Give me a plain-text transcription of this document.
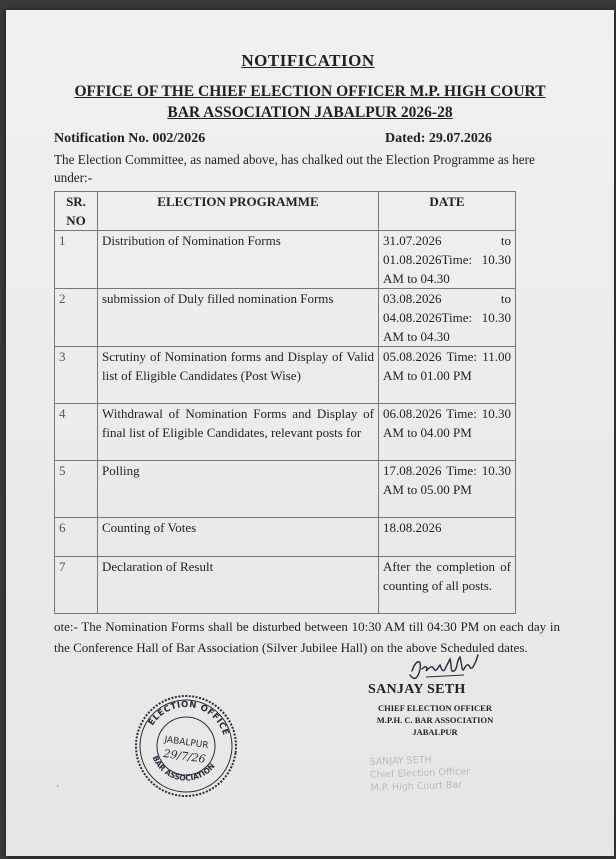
NOTIFICATION
OFFICE OF THE CHIEF ELECTION OFFICER M.P. HIGH COURT
BAR ASSOCIATION JABALPUR 2026-28
Notification No. 002/2026	Dated: 29.07.2026
The Election Committee, as named above, has chalked out the Election Programme as here under:-
SR. NO	ELECTION PROGRAMME	DATE
1	Distribution of Nomination Forms	31.07.2026 to 01.08.2026Time: 10.30 AM to 04.30
2	submission of Duly filled nomination Forms	03.08.2026 to 04.08.2026Time: 10.30 AM to 04.30
3	Scrutiny of Nomination forms and Display of Valid list of Eligible Candidates (Post Wise)	05.08.2026 Time: 11.00 AM to 01.00 PM
4	Withdrawal of Nomination Forms and Display of final list of Eligible Candidates, relevant posts for	06.08.2026 Time: 10.30 AM to 04.00 PM
5	Polling	17.08.2026 Time: 10.30 AM to 05.00 PM
6	Counting of Votes	18.08.2026
7	Declaration of Result	After the completion of counting of all posts.
ote:- The Nomination Forms shall be disturbed between 10:30 AM till 04:30 PM on each day in the Conference Hall of Bar Association (Silver Jubilee Hall) on the above Scheduled dates.
SANJAY SETH
CHIEF ELECTION OFFICER
M.P.H. C. BAR ASSOCIATION
JABALPUR
ELECTION OFFICE
BAR ASSOCIATION
JABALPUR
29/7/26	SANJAY SETH
Chief Election Officer
M.P. High Court Bar
˴
